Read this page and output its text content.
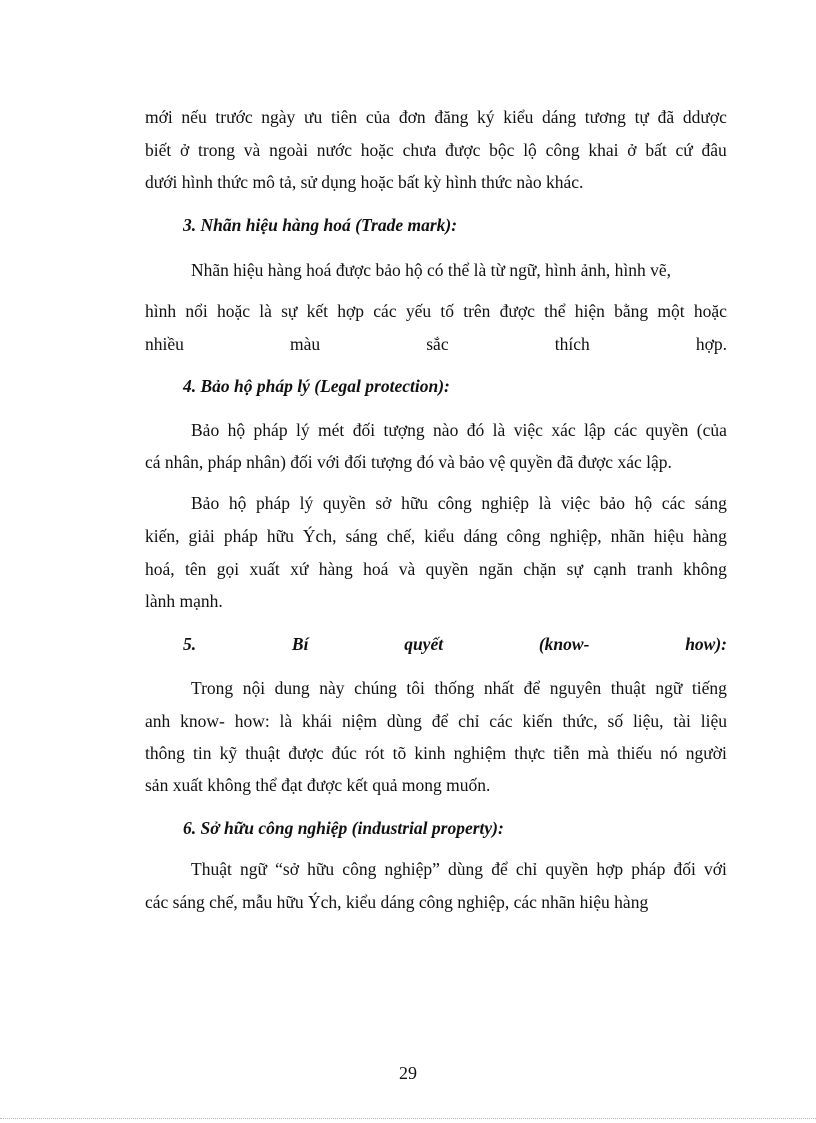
mới nếu trước ngày ưu tiên của đơn đăng ký kiểu dáng tương tự đã ddược

biết ở trong và ngoài nước hoặc chưa được bộc lộ công khai ở bất cứ đâu

dưới hình thức mô tả, sử dụng hoặc bất kỳ hình thức nào khác.

3. Nhãn hiệu hàng hoá (Trade mark):

Nhãn hiệu hàng hoá được bảo hộ có thể là từ ngữ, hình ảnh, hình vẽ,

hình nổi hoặc là sự kết hợp các yếu tố trên được thể hiện bằng một hoặc

nhiều	màu	sắc	thích	hợp.

4. Bảo hộ pháp lý (Legal protection):

Bảo hộ pháp lý mét đối tượng nào đó là việc xác lập các quyền (của

cá nhân, pháp nhân) đối với đối tượng đó và bảo vệ quyền đã được xác lập.

Bảo hộ pháp lý quyền sở hữu công nghiệp là việc bảo hộ các sáng

kiến, giải pháp hữu Ých, sáng chế, kiểu dáng công nghiệp, nhãn hiệu hàng

hoá, tên gọi xuất xứ hàng hoá và quyền ngăn chặn sự cạnh tranh không

lành mạnh.

5.	Bí	quyết	(know-	how):

Trong nội dung này chúng tôi thống nhất để nguyên thuật ngữ tiếng

anh know- how: là khái niệm dùng để chỉ các kiến thức, số liệu, tài liệu

thông tin kỹ thuật được đúc rót tõ kinh nghiệm thực tiễn mà thiếu nó người

sản xuất không thể đạt được kết quả mong muốn.

6. Sở hữu công nghiệp (industrial property):

Thuật ngữ “sở hữu công nghiệp” dùng để chỉ quyền hợp pháp đối với

các sáng chế, mẫu hữu Ých, kiểu dáng công nghiệp, các nhãn hiệu hàng

29
